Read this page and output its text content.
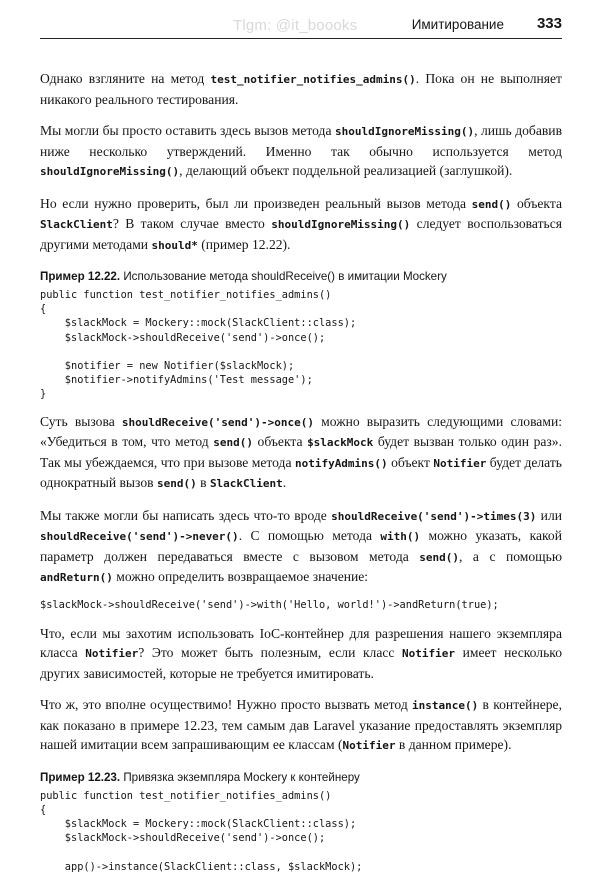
Tlgm: @it_boooks	Имитирование 333

Однако взгляните на метод test_notifier_notifies_admins(). Пока он не выполняет никакого реального тестирования.

Мы могли бы просто оставить здесь вызов метода shouldIgnoreMissing(), лишь добавив ниже несколько утверждений. Именно так обычно используется метод shouldIgnoreMissing(), делающий объект поддельной реализацией (заглушкой).

Но если нужно проверить, был ли произведен реальный вызов метода send() объекта SlackClient? В таком случае вместо shouldIgnoreMissing() следует воспользоваться другими методами should* (пример 12.22).

Пример 12.22. Использование метода shouldReceive() в имитации Mockery
public function test_notifier_notifies_admins()
{
$slackMock = Mockery::mock(SlackClient::class);
$slackMock->shouldReceive('send')->once();
$notifier = new Notifier($slackMock);
$notifier->notifyAdmins('Test message');
}

Суть вызова shouldReceive('send')->once() можно выразить следующими словами: «Убедиться в том, что метод send() объекта $slackMock будет вызван только один раз». Так мы убеждаемся, что при вызове метода notifyAdmins() объект Notifier будет делать однократный вызов send() в SlackClient.

Мы также могли бы написать здесь что-то вроде shouldReceive('send')->times(3) или shouldReceive('send')->never(). С помощью метода with() можно указать, какой параметр должен передаваться вместе с вызовом метода send(), а с помощью andReturn() можно определить возвращаемое значение:

$slackMock->shouldReceive('send')->with('Hello, world!')->andReturn(true);

Что, если мы захотим использовать IoC-контейнер для разрешения нашего экземпляра класса Notifier? Это может быть полезным, если класс Notifier имеет несколько других зависимостей, которые не требуется имитировать.

Что ж, это вполне осуществимо! Нужно просто вызвать метод instance() в контейнере, как показано в примере 12.23, тем самым дав Laravel указание предоставлять экземпляр нашей имитации всем запрашивающим ее классам (Notifier в данном примере).

Пример 12.23. Привязка экземпляра Mockery к контейнеру
public function test_notifier_notifies_admins()
{
$slackMock = Mockery::mock(SlackClient::class);
$slackMock->shouldReceive('send')->once();
app()->instance(SlackClient::class, $slackMock);
